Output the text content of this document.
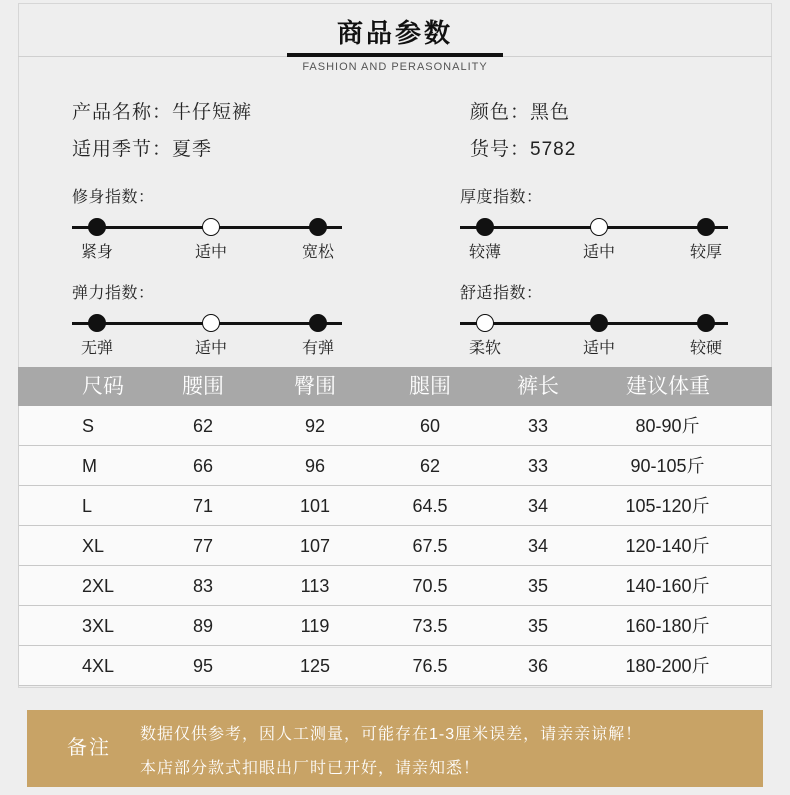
商品参数
FASHION AND PERASONALITY
产品名称：牛仔短裤	颜色：黑色
适用季节：夏季	货号：5782
修身指数：
紧身	适中	宽松
厚度指数：
较薄	适中	较厚
弹力指数：
无弹	适中	有弹
舒适指数：
柔软	适中	较硬
尺码	腰围	臀围	腿围	裤长	建议体重
S	62	92	60	33	80-90斤
M	66	96	62	33	90-105斤
L	71	101	64.5	34	105-120斤
XL	77	107	67.5	34	120-140斤
2XL	83	113	70.5	35	140-160斤
3XL	89	119	73.5	35	160-180斤
4XL	95	125	76.5	36	180-200斤
备注
数据仅供参考，因人工测量，可能存在1-3厘米误差，请亲亲谅解！
本店部分款式扣眼出厂时已开好，请亲知悉！
